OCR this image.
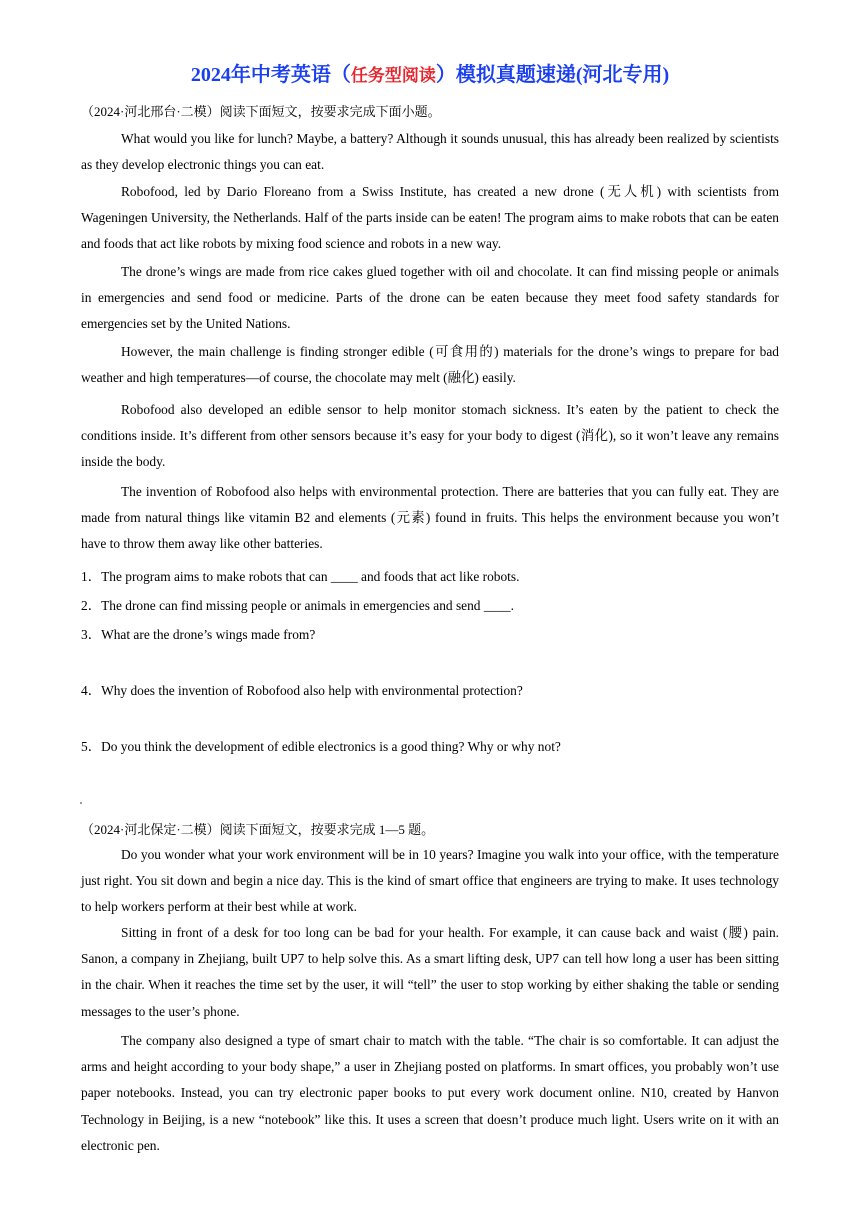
2024年中考英语（任务型阅读）模拟真题速递(河北专用)
（2024·河北邢台·二模）阅读下面短文，按要求完成下面小题。
What would you like for lunch? Maybe, a battery? Although it sounds unusual, this has already been realized by scientists as they develop electronic things you can eat.
Robofood, led by Dario Floreano from a Swiss Institute, has created a new drone (无人机) with scientists from Wageningen University, the Netherlands. Half of the parts inside can be eaten! The program aims to make robots that can be eaten and foods that act like robots by mixing food science and robots in a new way.
The drone’s wings are made from rice cakes glued together with oil and chocolate. It can find missing people or animals in emergencies and send food or medicine. Parts of the drone can be eaten because they meet food safety standards for emergencies set by the United Nations.
However, the main challenge is finding stronger edible (可食用的) materials for the drone’s wings to prepare for bad weather and high temperatures—of course, the chocolate may melt (融化) easily.
Robofood also developed an edible sensor to help monitor stomach sickness. It’s eaten by the patient to check the conditions inside. It’s different from other sensors because it’s easy for your body to digest (消化), so it won’t leave any remains inside the body.
The invention of Robofood also helps with environmental protection. There are batteries that you can fully eat. They are made from natural things like vitamin B2 and elements (元素) found in fruits. This helps the environment because you won’t have to throw them away like other batteries.
1．The program aims to make robots that can ____ and foods that act like robots.
2．The drone can find missing people or animals in emergencies and send ____.
3．What are the drone’s wings made from?
4．Why does the invention of Robofood also help with environmental protection?
5．Do you think the development of edible electronics is a good thing? Why or why not?
（2024·河北保定·二模）阅读下面短文，按要求完成 1—5 题。
Do you wonder what your work environment will be in 10 years? Imagine you walk into your office, with the temperature just right. You sit down and begin a nice day. This is the kind of smart office that engineers are trying to make. It uses technology to help workers perform at their best while at work.
Sitting in front of a desk for too long can be bad for your health. For example, it can cause back and waist (腰) pain. Sanon, a company in Zhejiang, built UP7 to help solve this. As a smart lifting desk, UP7 can tell how long a user has been sitting in the chair. When it reaches the time set by the user, it will “tell” the user to stop working by either shaking the table or sending messages to the user’s phone.
The company also designed a type of smart chair to match with the table. “The chair is so comfortable. It can adjust the arms and height according to your body shape,” a user in Zhejiang posted on platforms. In smart offices, you probably won’t use paper notebooks. Instead, you can try electronic paper books to put every work document online. N10, created by Hanvon Technology in Beijing, is a new “notebook” like this. It uses a screen that doesn’t produce much light. Users write on it with an electronic pen.
